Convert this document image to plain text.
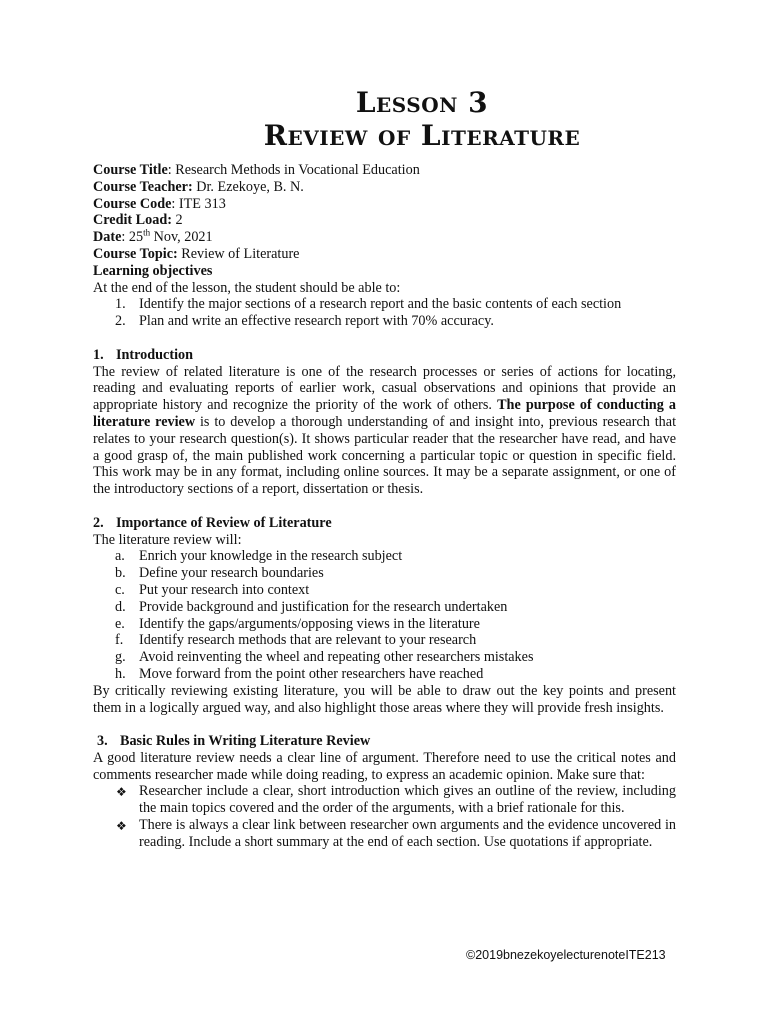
Lesson 3
Review of Literature
Course Title: Research Methods in Vocational Education
Course Teacher: Dr. Ezekoye, B. N.
Course Code: ITE 313
Credit Load: 2
Date: 25th Nov, 2021
Course Topic: Review of Literature
Learning objectives
At the end of the lesson, the student should be able to:
1. Identify the major sections of a research report and the basic contents of each section
2. Plan and write an effective research report with 70% accuracy.
1. Introduction
The review of related literature is one of the research processes or series of actions for locating, reading and evaluating reports of earlier work, casual observations and opinions that provide an appropriate history and recognize the priority of the work of others. The purpose of conducting a literature review is to develop a thorough understanding of and insight into, previous research that relates to your research question(s). It shows particular reader that the researcher have read, and have a good grasp of, the main published work concerning a particular topic or question in specific field. This work may be in any format, including online sources. It may be a separate assignment, or one of the introductory sections of a report, dissertation or thesis.
2. Importance of Review of Literature
The literature review will:
a. Enrich your knowledge in the research subject
b. Define your research boundaries
c. Put your research into context
d. Provide background and justification for the research undertaken
e. Identify the gaps/arguments/opposing views in the literature
f. Identify research methods that are relevant to your research
g. Avoid reinventing the wheel and repeating other researchers mistakes
h. Move forward from the point other researchers have reached
By critically reviewing existing literature, you will be able to draw out the key points and present them in a logically argued way, and also highlight those areas where they will provide fresh insights.
3. Basic Rules in Writing Literature Review
A good literature review needs a clear line of argument. Therefore need to use the critical notes and comments researcher made while doing reading, to express an academic opinion. Make sure that:
❖ Researcher include a clear, short introduction which gives an outline of the review, including the main topics covered and the order of the arguments, with a brief rationale for this.
❖ There is always a clear link between researcher own arguments and the evidence uncovered in reading. Include a short summary at the end of each section. Use quotations if appropriate.
©2019bnezekoyelecturenoteITE213
